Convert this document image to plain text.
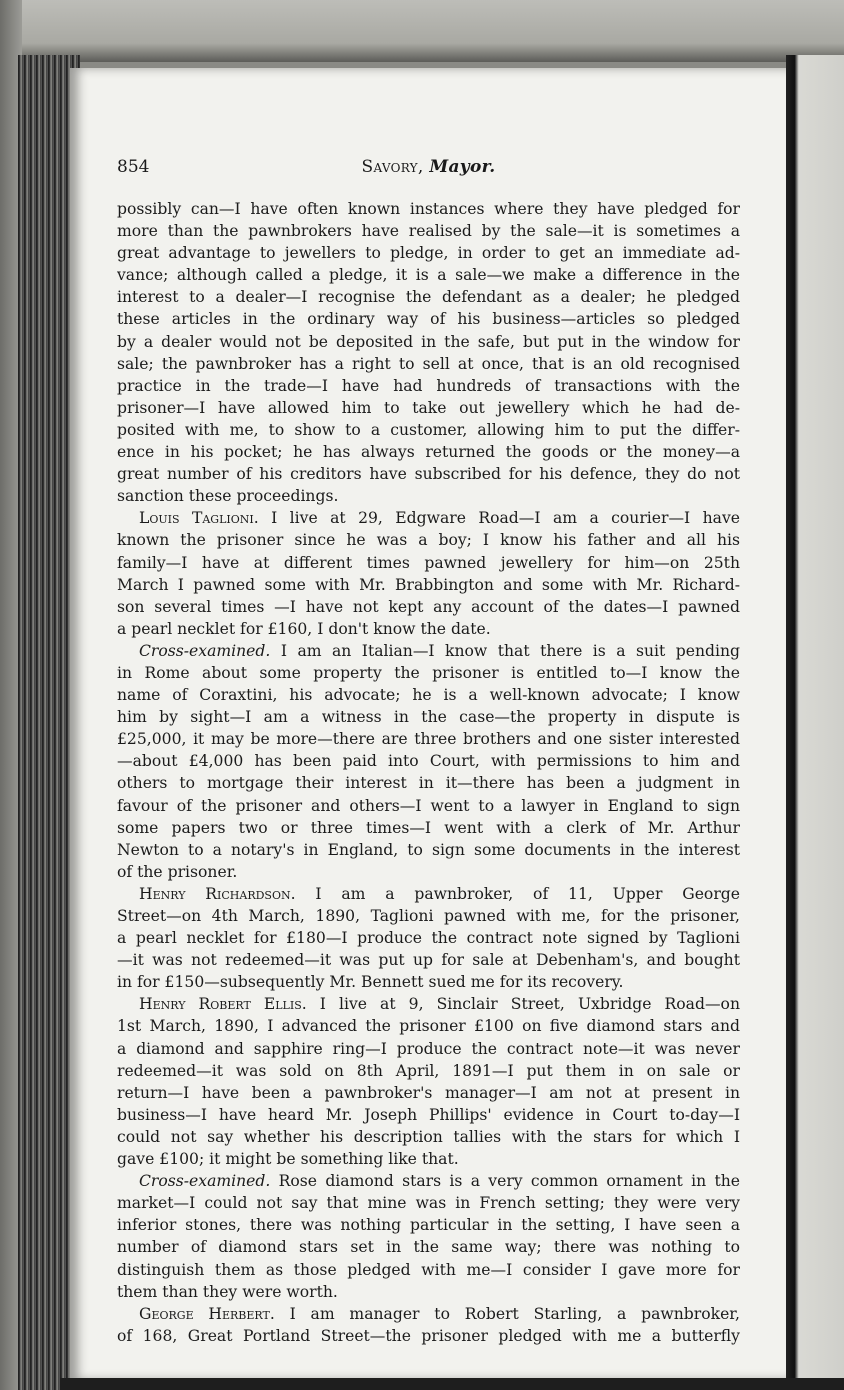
854	Savory, Mayor.
possibly can—I have often known instances where they have pledged for
more than the pawnbrokers have realised by the sale—it is sometimes a
great advantage to jewellers to pledge, in order to get an immediate ad-
vance; although called a pledge, it is a sale—we make a difference in the
interest to a dealer—I recognise the defendant as a dealer; he pledged
these articles in the ordinary way of his business—articles so pledged
by a dealer would not be deposited in the safe, but put in the window for
sale; the pawnbroker has a right to sell at once, that is an old recognised
practice in the trade—I have had hundreds of transactions with the
prisoner—I have allowed him to take out jewellery which he had de-
posited with me, to show to a customer, allowing him to put the differ-
ence in his pocket; he has always returned the goods or the money—a
great number of his creditors have subscribed for his defence, they do not
sanction these proceedings.
Louis Taglioni. I live at 29, Edgware Road—I am a courier—I have
known the prisoner since he was a boy; I know his father and all his
family—I have at different times pawned jewellery for him—on 25th
March I pawned some with Mr. Brabbington and some with Mr. Richard-
son several times —I have not kept any account of the dates—I pawned
a pearl necklet for £160, I don't know the date.
Cross-examined. I am an Italian—I know that there is a suit pending
in Rome about some property the prisoner is entitled to—I know the
name of Coraxtini, his advocate; he is a well-known advocate; I know
him by sight—I am a witness in the case—the property in dispute is
£25,000, it may be more—there are three brothers and one sister interested
—about £4,000 has been paid into Court, with permissions to him and
others to mortgage their interest in it—there has been a judgment in
favour of the prisoner and others—I went to a lawyer in England to sign
some papers two or three times—I went with a clerk of Mr. Arthur
Newton to a notary's in England, to sign some documents in the interest
of the prisoner.
Henry Richardson. I am a pawnbroker, of 11, Upper George
Street—on 4th March, 1890, Taglioni pawned with me, for the prisoner,
a pearl necklet for £180—I produce the contract note signed by Taglioni
—it was not redeemed—it was put up for sale at Debenham's, and bought
in for £150—subsequently Mr. Bennett sued me for its recovery.
Henry Robert Ellis. I live at 9, Sinclair Street, Uxbridge Road—on
1st March, 1890, I advanced the prisoner £100 on five diamond stars and
a diamond and sapphire ring—I produce the contract note—it was never
redeemed—it was sold on 8th April, 1891—I put them in on sale or
return—I have been a pawnbroker's manager—I am not at present in
business—I have heard Mr. Joseph Phillips' evidence in Court to-day—I
could not say whether his description tallies with the stars for which I
gave £100; it might be something like that.
Cross-examined. Rose diamond stars is a very common ornament in the
market—I could not say that mine was in French setting; they were very
inferior stones, there was nothing particular in the setting, I have seen a
number of diamond stars set in the same way; there was nothing to
distinguish them as those pledged with me—I consider I gave more for
them than they were worth.
George Herbert. I am manager to Robert Starling, a pawnbroker,
of 168, Great Portland Street—the prisoner pledged with me a butterfly
